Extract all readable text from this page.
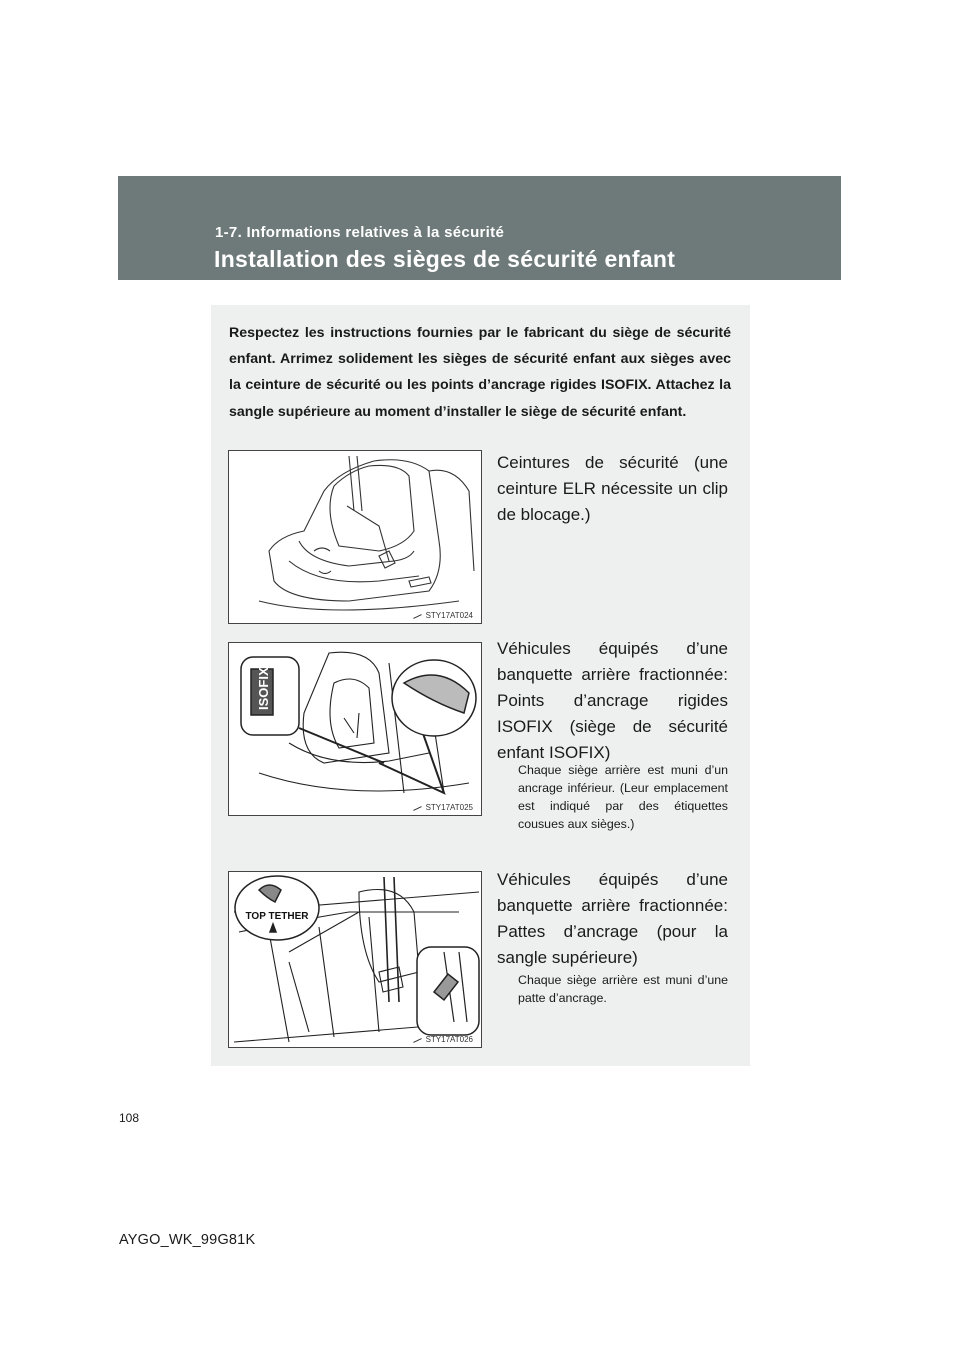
1-7. Informations relatives à la sécurité
Installation des sièges de sécurité enfant
Respectez les instructions fournies par le fabricant du siège de sécurité enfant. Arrimez solidement les sièges de sécurité enfant aux sièges avec la ceinture de sécurité ou les points d’ancrage rigides ISOFIX. Attachez la sangle supérieure au moment d’installer le siège de sécurité enfant.
STY17AT024
Ceintures de sécurité (une ceinture ELR nécessite un clip de blocage.)
ISOFIX
STY17AT025
Véhicules équipés d’une banquette arrière fractionnée: Points d’ancrage rigides ISOFIX (siège de sécurité enfant ISOFIX)
Chaque siège arrière est muni d’un ancrage inférieur. (Leur emplacement est indiqué par des étiquettes cousues aux sièges.)
TOP TETHER
STY17AT026
Véhicules équipés d’une banquette arrière fractionnée: Pattes d’ancrage (pour la sangle supérieure)
Chaque siège arrière est muni d’une patte d’ancrage.
108
AYGO_WK_99G81K
